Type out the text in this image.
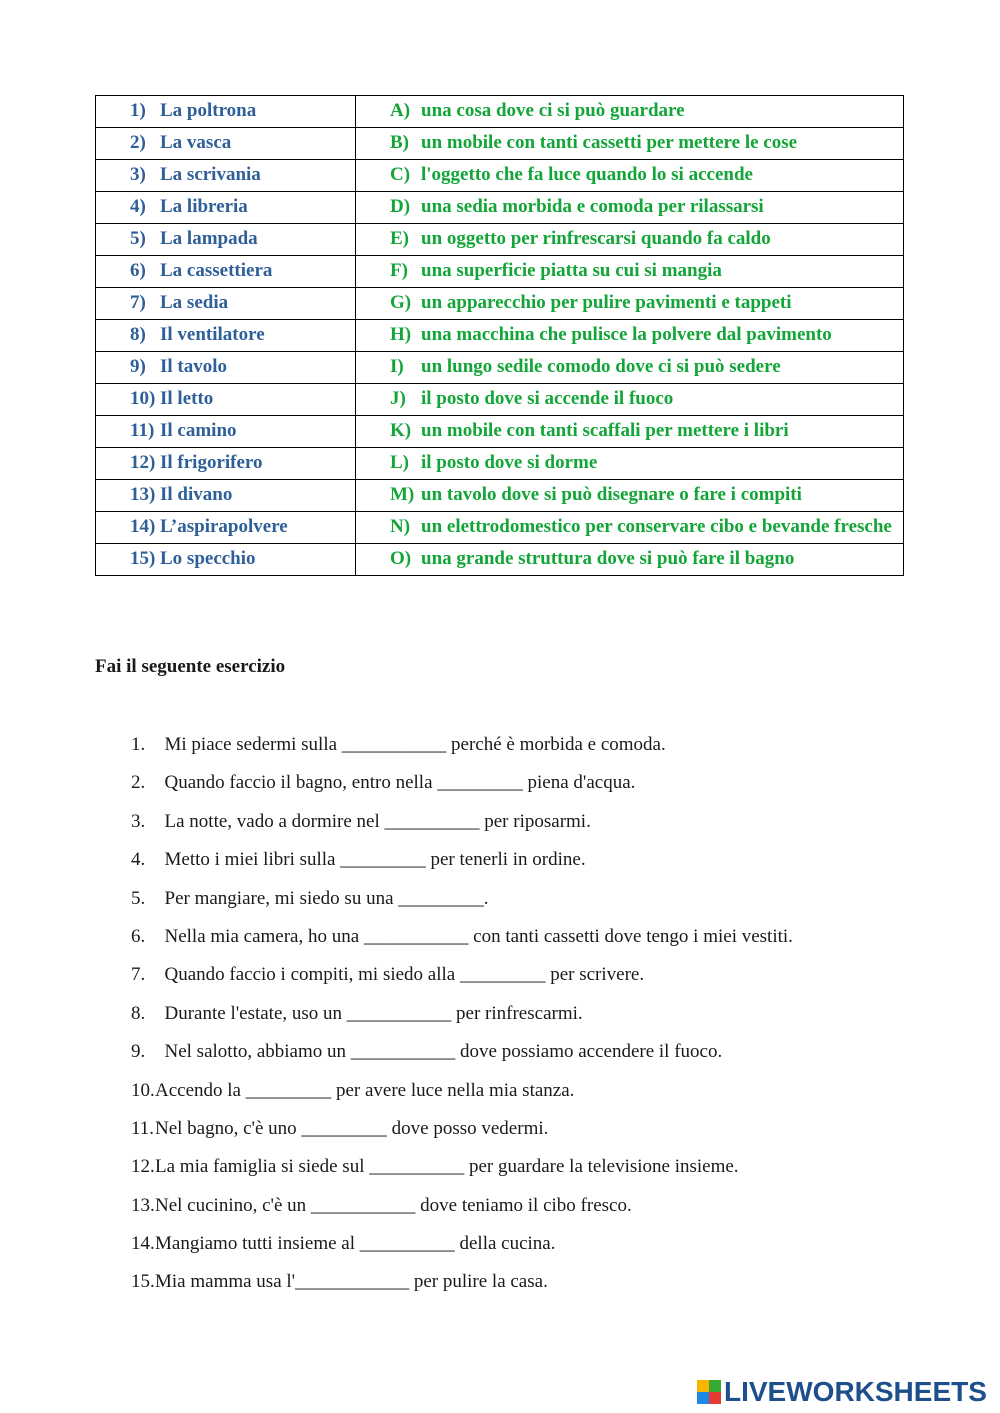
1) La poltrona	A) una cosa dove ci si può guardare

2) La vasca	B) un mobile con tanti cassetti per mettere le cose

3) La scrivania	C) l'oggetto che fa luce quando lo si accende

4) La libreria	D) una sedia morbida e comoda per rilassarsi

5) La lampada	E) un oggetto per rinfrescarsi quando fa caldo

6) La cassettiera	F) una superficie piatta su cui si mangia

7) La sedia	G) un apparecchio per pulire pavimenti e tappeti

8) Il ventilatore	H) una macchina che pulisce la polvere dal pavimento

9) Il tavolo	I) un lungo sedile comodo dove ci si può sedere

10) Il letto	J) il posto dove si accende il fuoco

11) Il camino	K) un mobile con tanti scaffali per mettere i libri

12) Il frigorifero	L) il posto dove si dorme

13) Il divano	M) un tavolo dove si può disegnare o fare i compiti

14) L’aspirapolvere	N) un elettrodomestico per conservare cibo e bevande fresche

15) Lo specchio	O) una grande struttura dove si può fare il bagno
Fai il seguente esercizio
1. Mi piace sedermi sulla ___________ perché è morbida e comoda.
2. Quando faccio il bagno, entro nella _________ piena d'acqua.
3. La notte, vado a dormire nel __________ per riposarmi.
4. Metto i miei libri sulla _________ per tenerli in ordine.
5. Per mangiare, mi siedo su una _________.
6. Nella mia camera, ho una ___________ con tanti cassetti dove tengo i miei vestiti.
7. Quando faccio i compiti, mi siedo alla _________ per scrivere.
8. Durante l'estate, uso un ___________ per rinfrescarmi.
9. Nel salotto, abbiamo un ___________ dove possiamo accendere il fuoco.
10.Accendo la _________ per avere luce nella mia stanza.
11.Nel bagno, c'è uno _________ dove posso vedermi.
12.La mia famiglia si siede sul __________ per guardare la televisione insieme.
13.Nel cucinino, c'è un ___________ dove teniamo il cibo fresco.
14.Mangiamo tutti insieme al __________ della cucina.
15.Mia mamma usa l'____________ per pulire la casa.
LIVEWORKSHEETS
